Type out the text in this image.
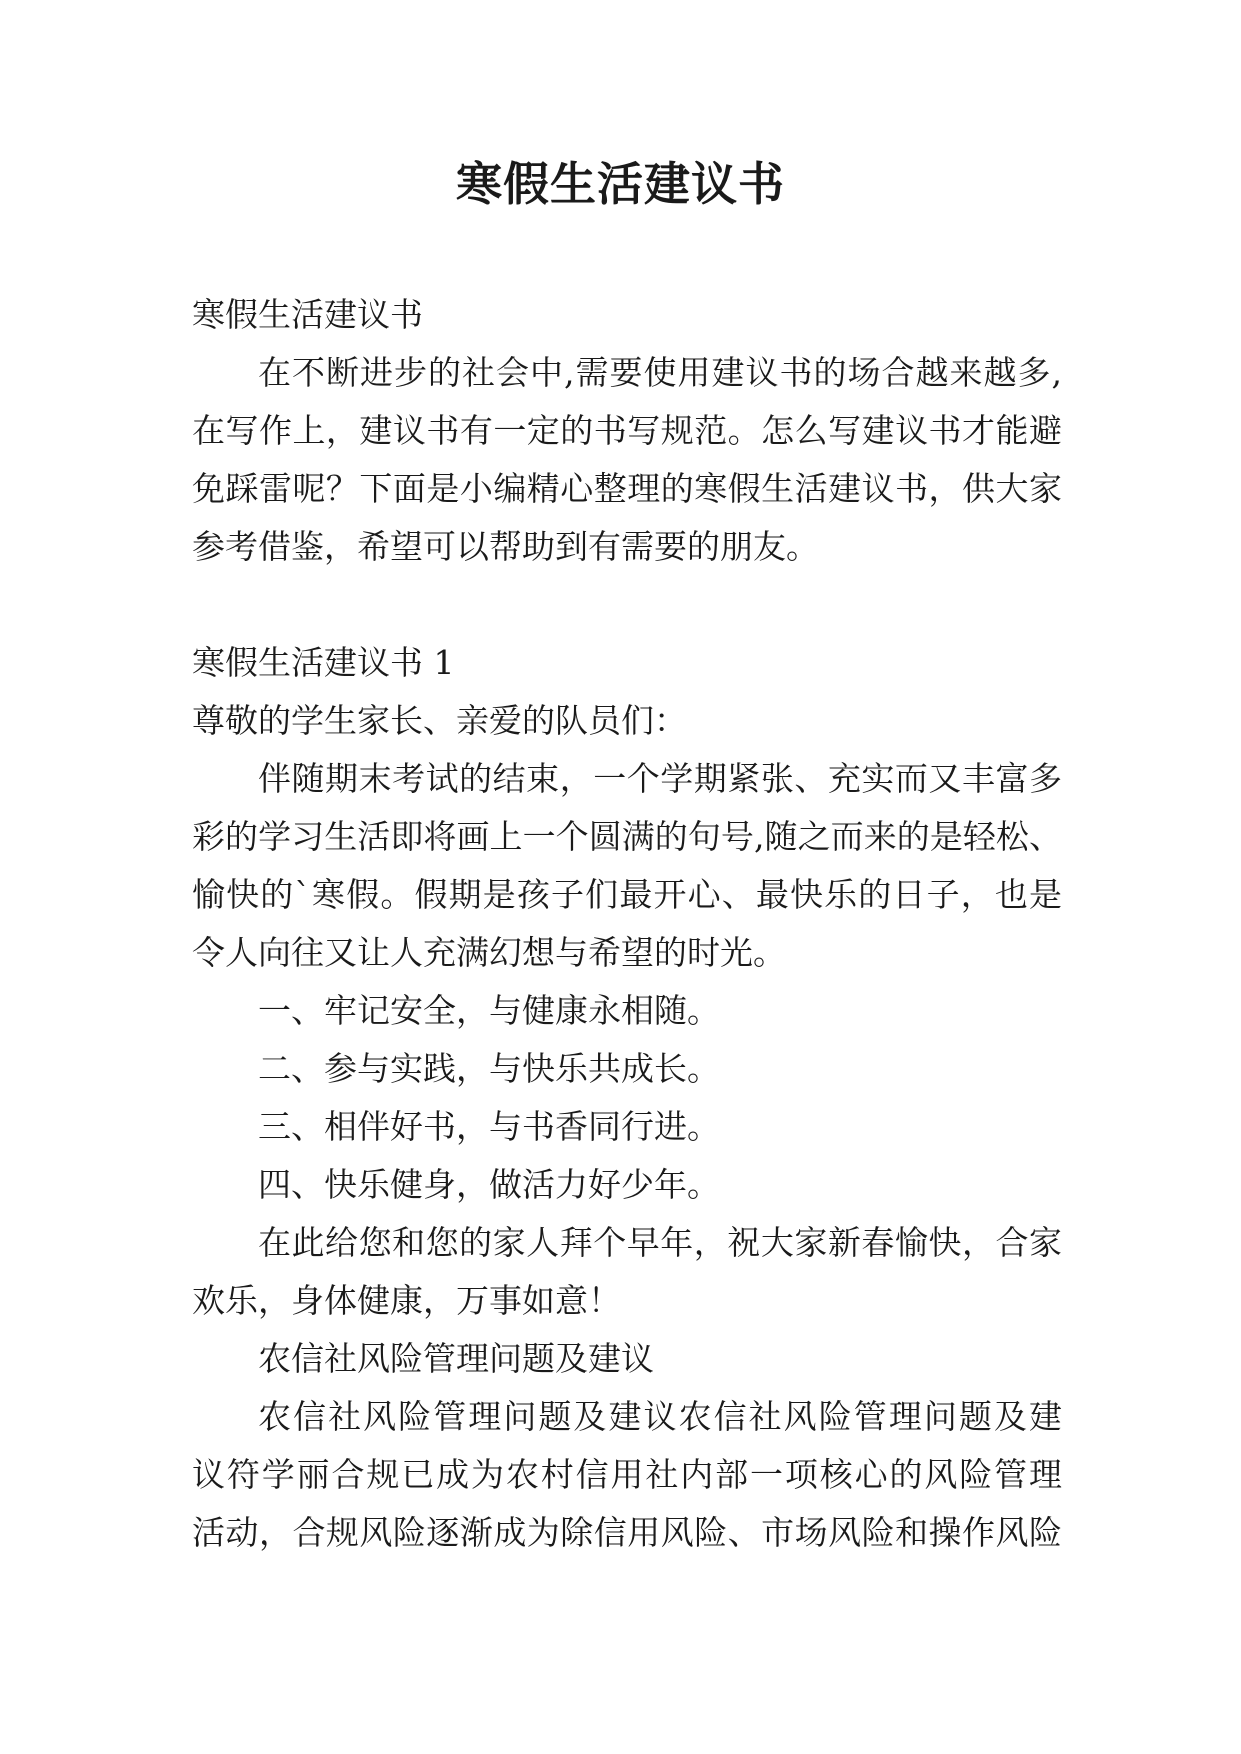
寒假生活建议书
寒假生活建议书
在不断进步的社会中,需要使用建议书的场合越来越多,
在写作上，建议书有一定的书写规范。怎么写建议书才能避
免踩雷呢？下面是小编精心整理的寒假生活建议书，供大家
参考借鉴，希望可以帮助到有需要的朋友。
寒假生活建议书 1
尊敬的学生家长、亲爱的队员们：
伴随期末考试的结束，一个学期紧张、充实而又丰富多
彩的学习生活即将画上一个圆满的句号,随之而来的是轻松、
愉快的`寒假。假期是孩子们最开心、最快乐的日子，也是
令人向往又让人充满幻想与希望的时光。
一、牢记安全，与健康永相随。
二、参与实践，与快乐共成长。
三、相伴好书，与书香同行进。
四、快乐健身，做活力好少年。
在此给您和您的家人拜个早年，祝大家新春愉快，合家
欢乐，身体健康，万事如意！
农信社风险管理问题及建议
农信社风险管理问题及建议农信社风险管理问题及建
议符学丽合规已成为农村信用社内部一项核心的风险管理
活动，合规风险逐渐成为除信用风险、市场风险和操作风险
